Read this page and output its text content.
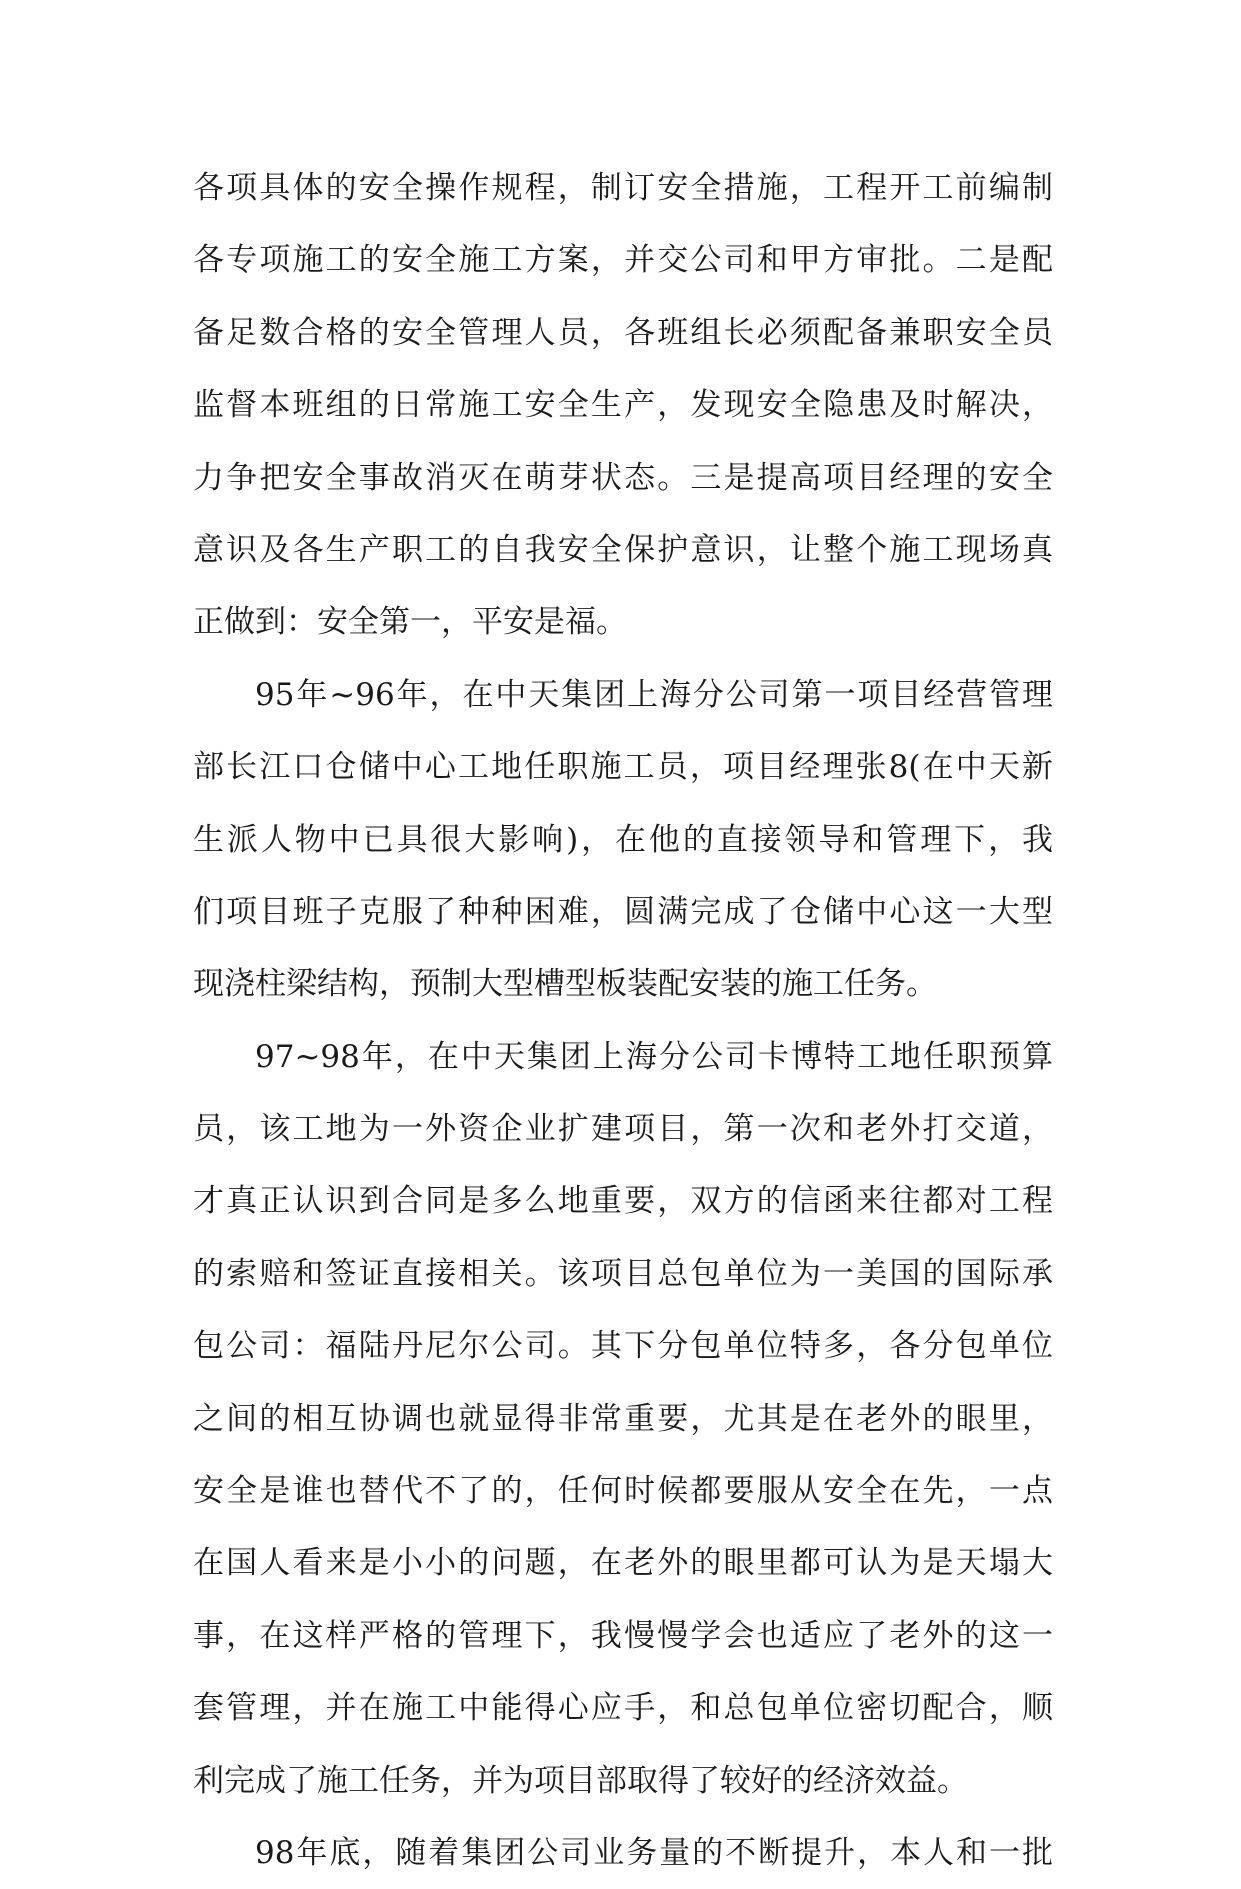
各项具体的安全操作规程，制订安全措施，工程开工前编制
各专项施工的安全施工方案，并交公司和甲方审批。二是配
备足数合格的安全管理人员，各班组长必须配备兼职安全员
监督本班组的日常施工安全生产，发现安全隐患及时解决，
力争把安全事故消灭在萌芽状态。三是提高项目经理的安全
意识及各生产职工的自我安全保护意识，让整个施工现场真
正做到：安全第一，平安是福。
95年~96年，在中天集团上海分公司第一项目经营管理
部长江口仓储中心工地任职施工员，项目经理张8(在中天新
生派人物中已具很大影响)，在他的直接领导和管理下，我
们项目班子克服了种种困难，圆满完成了仓储中心这一大型
现浇柱梁结构，预制大型槽型板装配安装的施工任务。
97~98年，在中天集团上海分公司卡博特工地任职预算
员，该工地为一外资企业扩建项目，第一次和老外打交道，
才真正认识到合同是多么地重要，双方的信函来往都对工程
的索赔和签证直接相关。该项目总包单位为一美国的国际承
包公司：福陆丹尼尔公司。其下分包单位特多，各分包单位
之间的相互协调也就显得非常重要，尤其是在老外的眼里，
安全是谁也替代不了的，任何时候都要服从安全在先，一点
在国人看来是小小的问题，在老外的眼里都可认为是天塌大
事，在这样严格的管理下，我慢慢学会也适应了老外的这一
套管理，并在施工中能得心应手，和总包单位密切配合，顺
利完成了施工任务，并为项目部取得了较好的经济效益。
98年底，随着集团公司业务量的不断提升，本人和一批
